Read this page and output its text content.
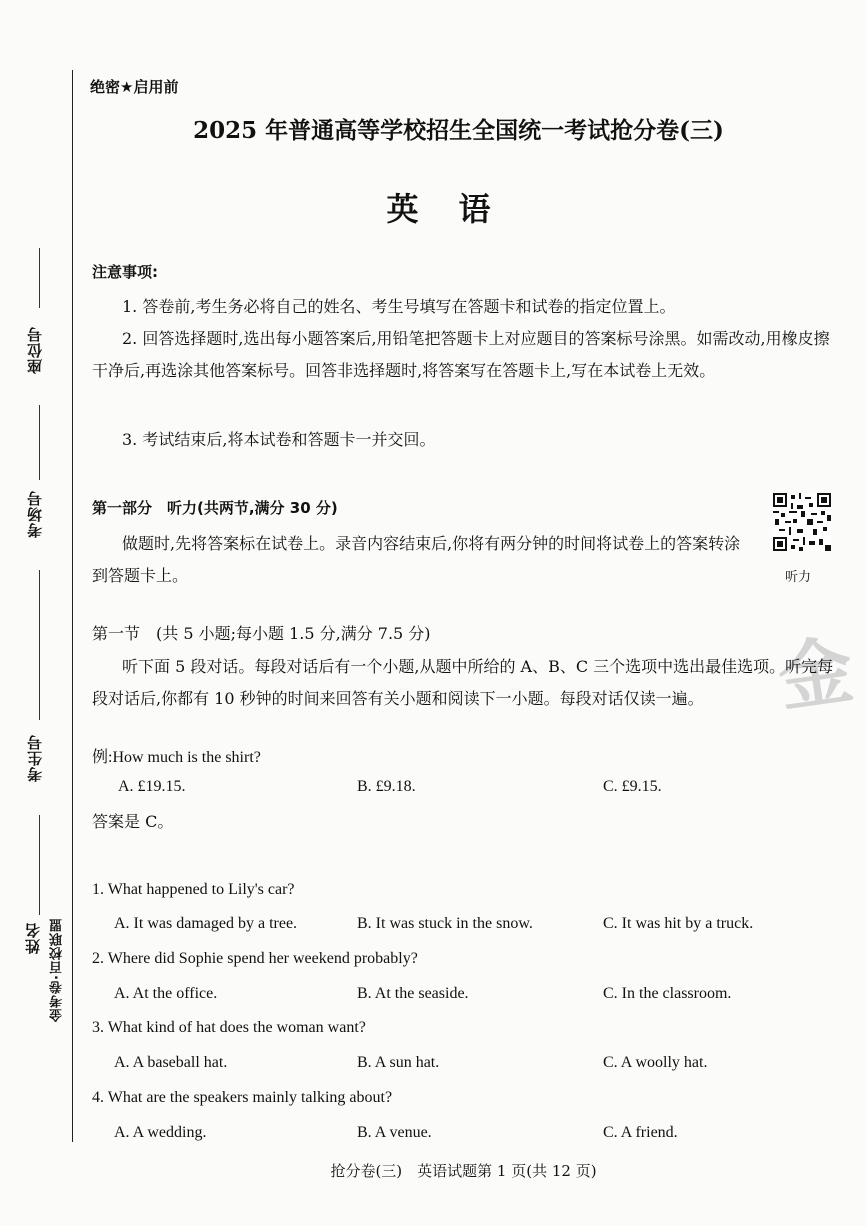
座位号
考场号
考生号
姓名 金考卷·百校联盟
绝密★启用前
2025 年普通高等学校招生全国统一考试抢分卷(三)
英语
注意事项:
1. 答卷前,考生务必将自己的姓名、考生号填写在答题卡和试卷的指定位置上。
2. 回答选择题时,选出每小题答案后,用铅笔把答题卡上对应题目的答案标号涂黑。如需改动,用橡皮擦干净后,再选涂其他答案标号。回答非选择题时,将答案写在答题卡上,写在本试卷上无效。
3. 考试结束后,将本试卷和答题卡一并交回。
第一部分　听力(共两节,满分 30 分)
做题时,先将答案标在试卷上。录音内容结束后,你将有两分钟的时间将试卷上的答案转涂到答题卡上。	听力
金
第一节　(共 5 小题;每小题 1.5 分,满分 7.5 分)
听下面 5 段对话。每段对话后有一个小题,从题中所给的 A、B、C 三个选项中选出最佳选项。听完每段对话后,你都有 10 秒钟的时间来回答有关小题和阅读下一小题。每段对话仅读一遍。
例:How much is the shirt?
A. £19.15.	B. £9.18.	C. £9.15.
答案是 C。
1. What happened to Lily's car?
A. It was damaged by a tree.	B. It was stuck in the snow.	C. It was hit by a truck.
2. Where did Sophie spend her weekend probably?
A. At the office.	B. At the seaside.	C. In the classroom.
3. What kind of hat does the woman want?
A. A baseball hat.	B. A sun hat.	C. A woolly hat.
4. What are the speakers mainly talking about?
A. A wedding.	B. A venue.	C. A friend.
抢分卷(三)　英语试题第 1 页(共 12 页)
